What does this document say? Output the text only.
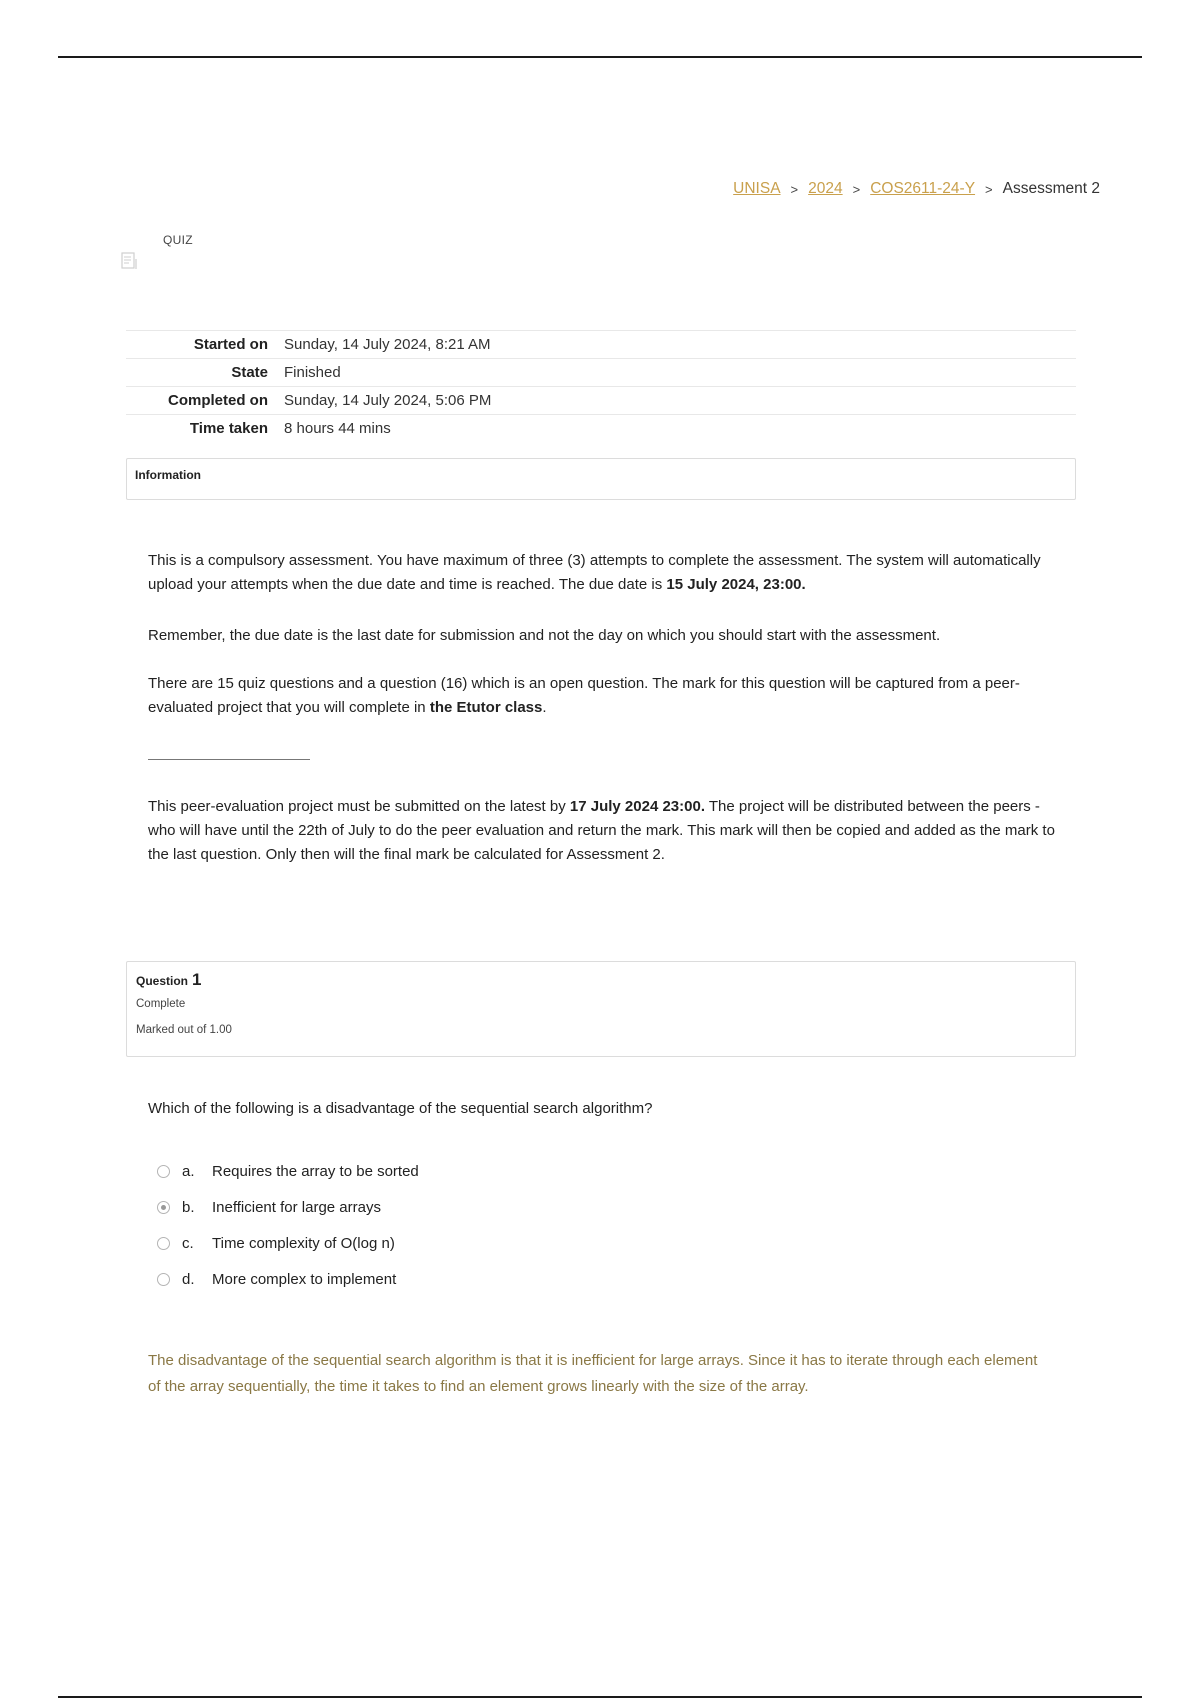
UNISA > 2024 > COS2611-24-Y > Assessment 2
QUIZ
Started on	Sunday, 14 July 2024, 8:21 AM
State	Finished
Completed on	Sunday, 14 July 2024, 5:06 PM
Time taken	8 hours 44 mins
Information

This is a compulsory assessment. You have maximum of three (3) attempts to complete the assessment. The system will automatically upload your attempts when the due date and time is reached. The due date is 15 July 2024, 23:00.

Remember, the due date is the last date for submission and not the day on which you should start with the assessment.

There are 15 quiz questions and a question (16) which is an open question. The mark for this question will be captured from a peer-evaluated project that you will complete in the Etutor class.

This peer-evaluation project must be submitted on the latest by 17 July 2024 23:00. The project will be distributed between the peers - who will have until the 22th of July to do the peer evaluation and return the mark. This mark will then be copied and added as the mark to the last question. Only then will the final mark be calculated for Assessment 2.

Question 1
Complete
Marked out of 1.00
Which of the following is a disadvantage of the sequential search algorithm?
a.	Requires the array to be sorted
b.	Inefficient for large arrays
c.	Time complexity of O(log n)
d.	More complex to implement
The disadvantage of the sequential search algorithm is that it is inefficient for large arrays. Since it has to iterate through each element of the array sequentially, the time it takes to find an element grows linearly with the size of the array.
